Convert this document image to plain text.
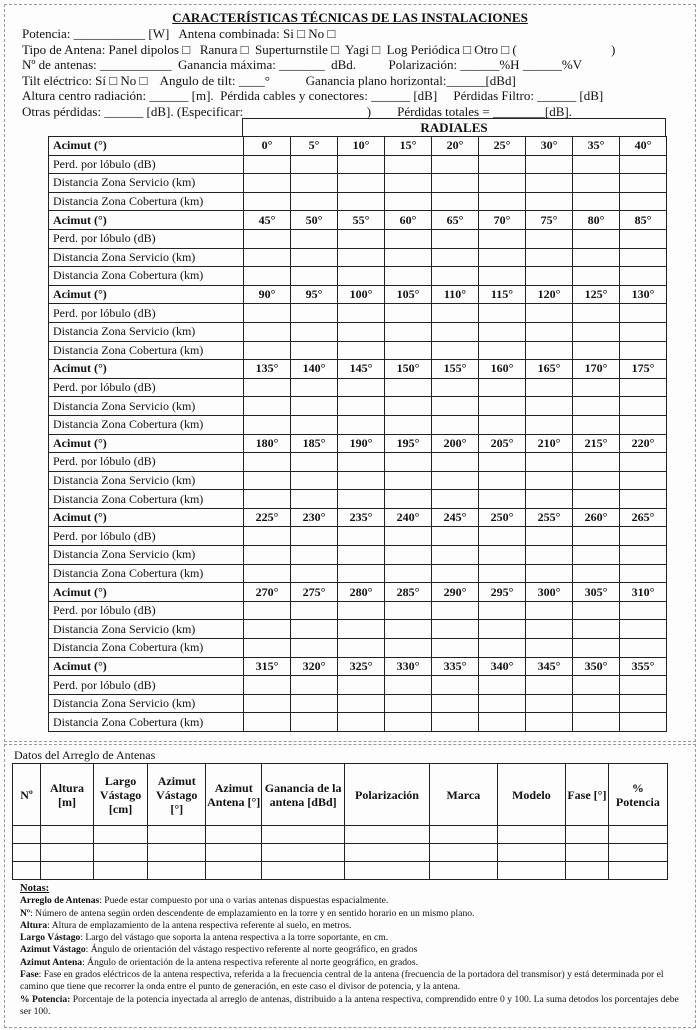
CARACTERÍSTICAS TÉCNICAS DE LAS INSTALACIONES
Potencia: ___________ [W]   Antena combinada: Si □ No □
Tipo de Antena: Panel dipolos □   Ranura □  Superturnstile □  Yagi □  Log Periódica □ Otro □ (                             )
Nº de antenas: ___________  Ganancia máxima: _______  dBd.          Polarización: ______%H ______%V
Tilt eléctrico: Sí □ No □    Angulo de tilt: ____°           Ganancia plano horizontal:______[dBd]
Altura centro radiación: ______ [m].  Pérdida cables y conectores: ______ [dB]     Pérdidas Filtro: ______ [dB]
Otras pérdidas: ______ [dB]. (Especificar:                                      )        Pérdidas totales = ________[dB].
RADIALES
Acimut (°)	0°	5°	10°	15°	20°	25°	30°	35°	40°
Perd. por lóbulo (dB)									
Distancia Zona Servicio (km)									
Distancia Zona Cobertura (km)									
Acimut (°)	45°	50°	55°	60°	65°	70°	75°	80°	85°
Perd. por lóbulo (dB)									
Distancia Zona Servicio (km)									
Distancia Zona Cobertura (km)									
Acimut (°)	90°	95°	100°	105°	110°	115°	120°	125°	130°
Perd. por lóbulo (dB)									
Distancia Zona Servicio (km)									
Distancia Zona Cobertura (km)									
Acimut (°)	135°	140°	145°	150°	155°	160°	165°	170°	175°
Perd. por lóbulo (dB)									
Distancia Zona Servicio (km)									
Distancia Zona Cobertura (km)									
Acimut (°)	180°	185°	190°	195°	200°	205°	210°	215°	220°
Perd. por lóbulo (dB)									
Distancia Zona Servicio (km)									
Distancia Zona Cobertura (km)									
Acimut (°)	225°	230°	235°	240°	245°	250°	255°	260°	265°
Perd. por lóbulo (dB)									
Distancia Zona Servicio (km)									
Distancia Zona Cobertura (km)									
Acimut (°)	270°	275°	280°	285°	290°	295°	300°	305°	310°
Perd. por lóbulo (dB)									
Distancia Zona Servicio (km)									
Distancia Zona Cobertura (km)									
Acimut (°)	315°	320°	325°	330°	335°	340°	345°	350°	355°
Perd. por lóbulo (dB)									
Distancia Zona Servicio (km)									
Distancia Zona Cobertura (km)									
Datos del Arreglo de Antenas
Nº	Altura [m]	Largo Vástago [cm]	Azimut Vástago [°]	Azimut Antena [°]	Ganancia de la antena [dBd]	Polarización	Marca	Modelo	Fase [°]	% Potencia

Notas:
Arreglo de Antenas: Puede estar compuesto por una o varias antenas dispuestas espacialmente.
Nº: Número de antena según orden descendente de emplazamiento en la torre y en sentido horario en un mismo plano.
Altura: Altura de emplazamiento de la antena respectiva referente al suelo, en metros.
Largo Vástago: Largo del vástago que soporta la antena respectiva a la torre soportante, en cm.
Azimut Vástago: Ángulo de orientación del vástago respectivo referente al norte geográfico, en grados
Azimut Antena: Ángulo de orientación de la antena respectiva referente al norte geográfico, en grados.
Fase: Fase en grados eléctricos de la antena respectiva, referida a la frecuencia central de la antena (frecuencia de la portadora del transmisor) y está determinada por el camino que tiene que recorrer la onda entre el punto de generación, en este caso el divisor de potencia, y la antena.
% Potencia: Porcentaje de la potencia inyectada al arreglo de antenas, distribuido a la antena respectiva, comprendido entre 0 y 100. La suma detodos los porcentajes debe ser 100.
